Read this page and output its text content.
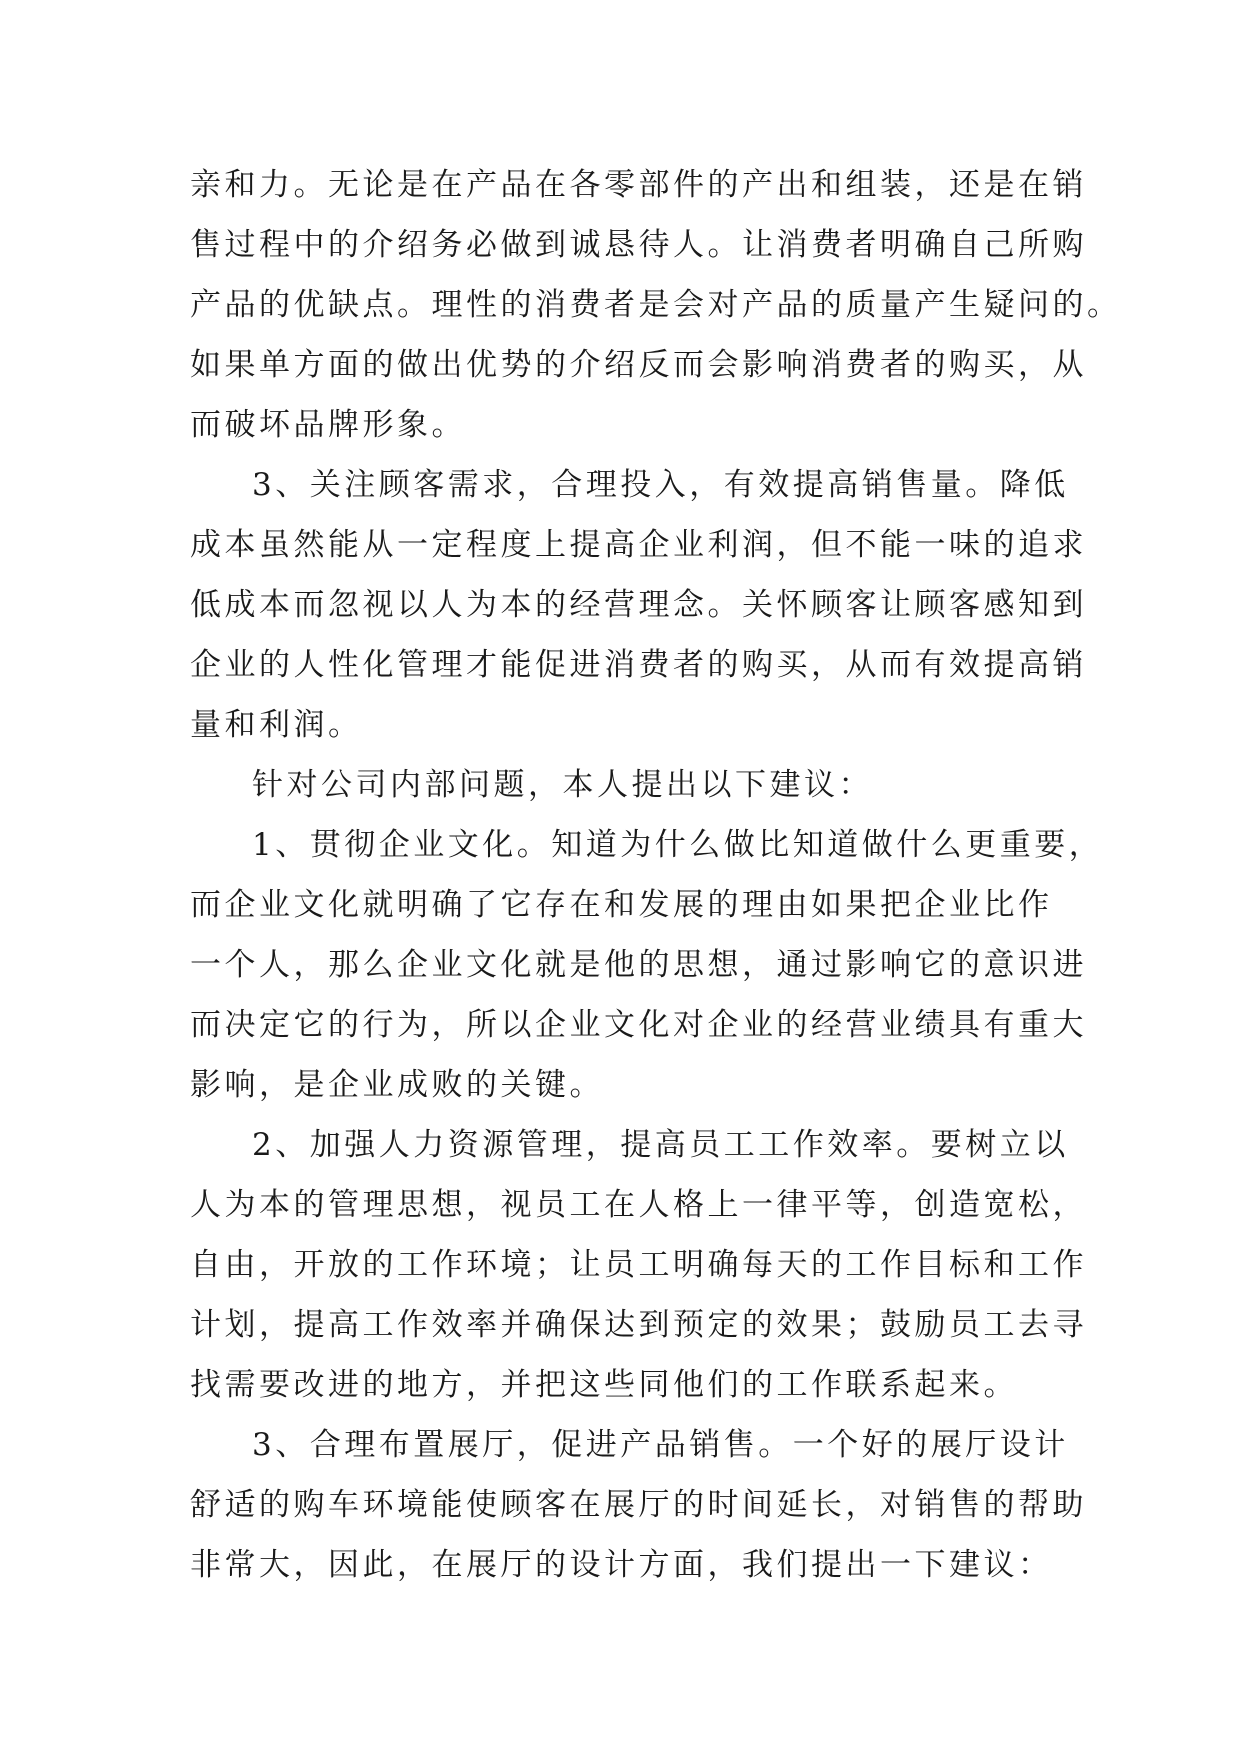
亲和力。无论是在产品在各零部件的产出和组装，还是在销
售过程中的介绍务必做到诚恳待人。让消费者明确自己所购
产品的优缺点。理性的消费者是会对产品的质量产生疑问的。
如果单方面的做出优势的介绍反而会影响消费者的购买，从
而破坏品牌形象。
3、关注顾客需求，合理投入，有效提高销售量。降低
成本虽然能从一定程度上提高企业利润，但不能一味的追求
低成本而忽视以人为本的经营理念。关怀顾客让顾客感知到
企业的人性化管理才能促进消费者的购买，从而有效提高销
量和利润。
针对公司内部问题，本人提出以下建议：
1、贯彻企业文化。知道为什么做比知道做什么更重要，
而企业文化就明确了它存在和发展的理由如果把企业比作
一个人，那么企业文化就是他的思想，通过影响它的意识进
而决定它的行为，所以企业文化对企业的经营业绩具有重大
影响，是企业成败的关键。
2、加强人力资源管理，提高员工工作效率。要树立以
人为本的管理思想，视员工在人格上一律平等，创造宽松，
自由，开放的工作环境；让员工明确每天的工作目标和工作
计划，提高工作效率并确保达到预定的效果；鼓励员工去寻
找需要改进的地方，并把这些同他们的工作联系起来。
3、合理布置展厅，促进产品销售。一个好的展厅设计
舒适的购车环境能使顾客在展厅的时间延长，对销售的帮助
非常大，因此，在展厅的设计方面，我们提出一下建议：
